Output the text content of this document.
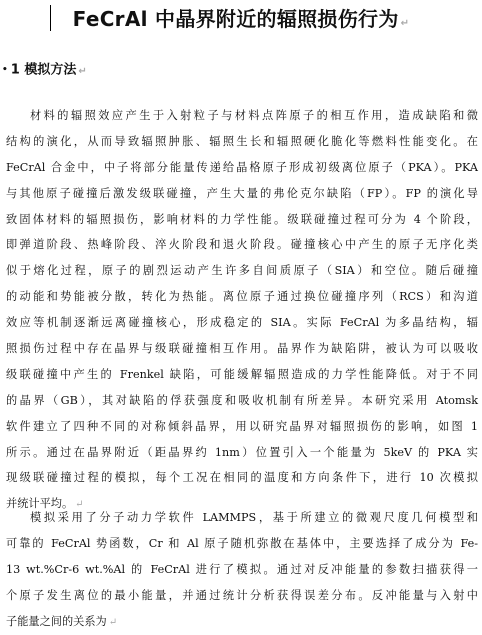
FeCrAl 中晶界附近的辐照损伤行为 ↵
• 1 模拟方法 ↵
材料的辐照效应产生于入射粒子与材料点阵原子的相互作用，造成缺陷和微
结构的演化，从而导致辐照肿胀、辐照生长和辐照硬化脆化等燃料性能变化。在
FeCrAl 合金中，中子将部分能量传递给晶格原子形成初级离位原子（PKA）。PKA
与其他原子碰撞后激发级联碰撞，产生大量的弗伦克尔缺陷（FP）。FP 的演化导
致固体材料的辐照损伤，影响材料的力学性能。级联碰撞过程可分为 4 个阶段，
即弹道阶段、热峰阶段、淬火阶段和退火阶段。碰撞核心中产生的原子无序化类
似于熔化过程，原子的剧烈运动产生许多自间质原子（SIA）和空位。随后碰撞
的动能和势能被分散，转化为热能。离位原子通过换位碰撞序列（RCS）和沟道
效应等机制逐渐远离碰撞核心，形成稳定的 SIA。实际 FeCrAl 为多晶结构，辐
照损伤过程中存在晶界与级联碰撞相互作用。晶界作为缺陷阱，被认为可以吸收
级联碰撞中产生的 Frenkel 缺陷，可能缓解辐照造成的力学性能降低。对于不同
的晶界（GB），其对缺陷的俘获强度和吸收机制有所差异。本研究采用 Atomsk
软件建立了四种不同的对称倾斜晶界，用以研究晶界对辐照损伤的影响，如图 1
所示。通过在晶界附近（距晶界约 1nm）位置引入一个能量为 5keV 的 PKA 实
现级联碰撞过程的模拟，每个工况在相同的温度和方向条件下，进行 10 次模拟
并统计平均。 ↵
模拟采用了分子动力学软件 LAMMPS，基于所建立的微观尺度几何模型和
可靠的 FeCrAl 势函数，Cr 和 Al 原子随机弥散在基体中，主要选择了成分为 Fe-
13 wt.%Cr-6 wt.%Al 的 FeCrAl 进行了模拟。通过对反冲能量的参数扫描获得一
个原子发生离位的最小能量，并通过统计分析获得误差分布。反冲能量与入射中
子能量之间的关系为 ↵
